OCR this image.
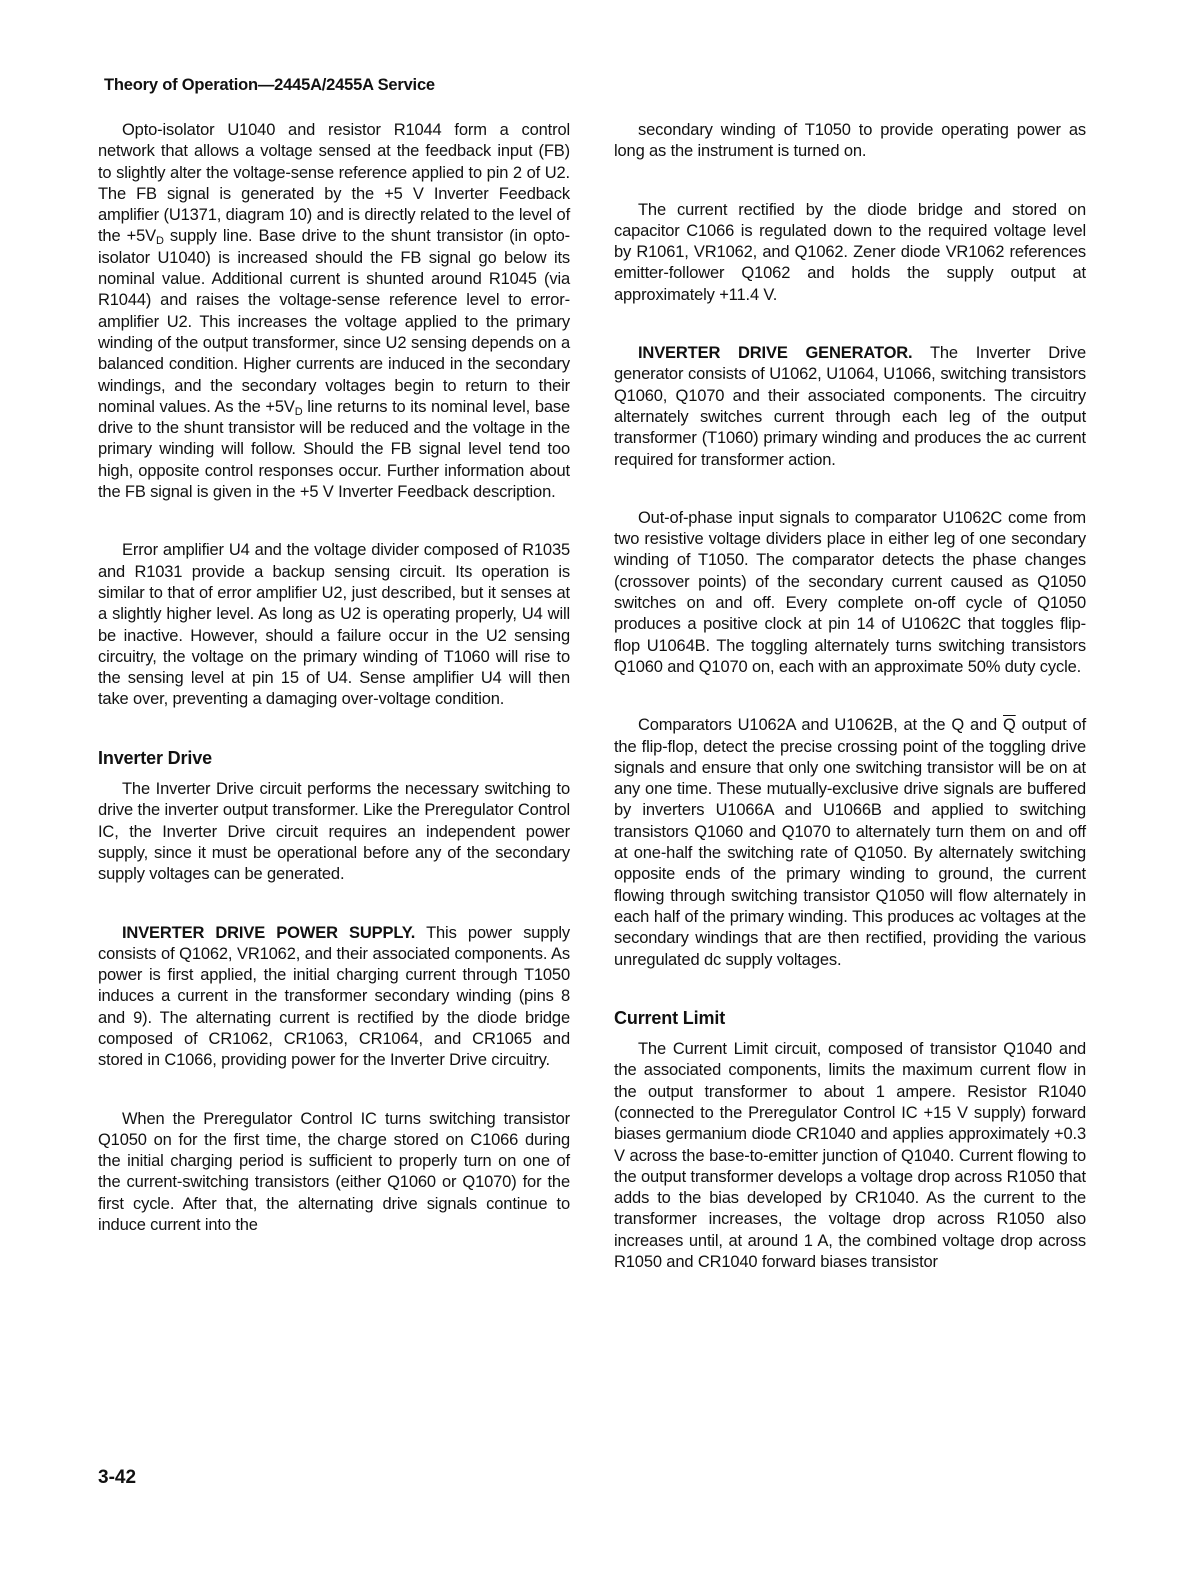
Theory of Operation—2445A/2455A Service

Opto-isolator U1040 and resistor R1044 form a control network that allows a voltage sensed at the feedback input (FB) to slightly alter the voltage-sense reference applied to pin 2 of U2. The FB signal is generated by the +5 V Inverter Feedback amplifier (U1371, diagram 10) and is directly related to the level of the $+5V_D$ supply line. Base drive to the shunt transistor (in opto-isolator U1040) is increased should the FB signal go below its nominal value. Additional current is shunted around R1045 (via R1044) and raises the voltage-sense reference level to error-amplifier U2. This increases the voltage applied to the primary winding of the output transformer, since U2 sensing depends on a balanced condition. Higher currents are induced in the secondary windings, and the secondary voltages begin to return to their nominal values. As the $+5V_D$ line returns to its nominal level, base drive to the shunt transistor will be reduced and the voltage in the primary winding will follow. Should the FB signal level tend too high, opposite control responses occur. Further information about the FB signal is given in the +5 V Inverter Feedback description.

Error amplifier U4 and the voltage divider composed of R1035 and R1031 provide a backup sensing circuit. Its operation is similar to that of error amplifier U2, just described, but it senses at a slightly higher level. As long as U2 is operating properly, U4 will be inactive. However, should a failure occur in the U2 sensing circuitry, the voltage on the primary winding of T1060 will rise to the sensing level at pin 15 of U4. Sense amplifier U4 will then take over, preventing a damaging over-voltage condition.

Inverter Drive

The Inverter Drive circuit performs the necessary switching to drive the inverter output transformer. Like the Preregulator Control IC, the Inverter Drive circuit requires an independent power supply, since it must be operational before any of the secondary supply voltages can be generated.

INVERTER DRIVE POWER SUPPLY. This power supply consists of Q1062, VR1062, and their associated components. As power is first applied, the initial charging current through T1050 induces a current in the transformer secondary winding (pins 8 and 9). The alternating current is rectified by the diode bridge composed of CR1062, CR1063, CR1064, and CR1065 and stored in C1066, providing power for the Inverter Drive circuitry.

When the Preregulator Control IC turns switching transistor Q1050 on for the first time, the charge stored on C1066 during the initial charging period is sufficient to properly turn on one of the current-switching transistors (either Q1060 or Q1070) for the first cycle. After that, the alternating drive signals continue to induce current into the

secondary winding of T1050 to provide operating power as long as the instrument is turned on.

The current rectified by the diode bridge and stored on capacitor C1066 is regulated down to the required voltage level by R1061, VR1062, and Q1062. Zener diode VR1062 references emitter-follower Q1062 and holds the supply output at approximately +11.4 V.

INVERTER DRIVE GENERATOR. The Inverter Drive generator consists of U1062, U1064, U1066, switching transistors Q1060, Q1070 and their associated components. The circuitry alternately switches current through each leg of the output transformer (T1060) primary winding and produces the ac current required for transformer action.

Out-of-phase input signals to comparator U1062C come from two resistive voltage dividers place in either leg of one secondary winding of T1050. The comparator detects the phase changes (crossover points) of the secondary current caused as Q1050 switches on and off. Every complete on-off cycle of Q1050 produces a positive clock at pin 14 of U1062C that toggles flip-flop U1064B. The toggling alternately turns switching transistors Q1060 and Q1070 on, each with an approximate 50% duty cycle.

Comparators U1062A and U1062B, at the Q and $\overline{Q}$ output of the flip-flop, detect the precise crossing point of the toggling drive signals and ensure that only one switching transistor will be on at any one time. These mutually-exclusive drive signals are buffered by inverters U1066A and U1066B and applied to switching transistors Q1060 and Q1070 to alternately turn them on and off at one-half the switching rate of Q1050. By alternately switching opposite ends of the primary winding to ground, the current flowing through switching transistor Q1050 will flow alternately in each half of the primary winding. This produces ac voltages at the secondary windings that are then rectified, providing the various unregulated dc supply voltages.

Current Limit

The Current Limit circuit, composed of transistor Q1040 and the associated components, limits the maximum current flow in the output transformer to about 1 ampere. Resistor R1040 (connected to the Preregulator Control IC +15 V supply) forward biases germanium diode CR1040 and applies approximately +0.3 V across the base-to-emitter junction of Q1040. Current flowing to the output transformer develops a voltage drop across R1050 that adds to the bias developed by CR1040. As the current to the transformer increases, the voltage drop across R1050 also increases until, at around 1 A, the combined voltage drop across R1050 and CR1040 forward biases transistor

3-42
